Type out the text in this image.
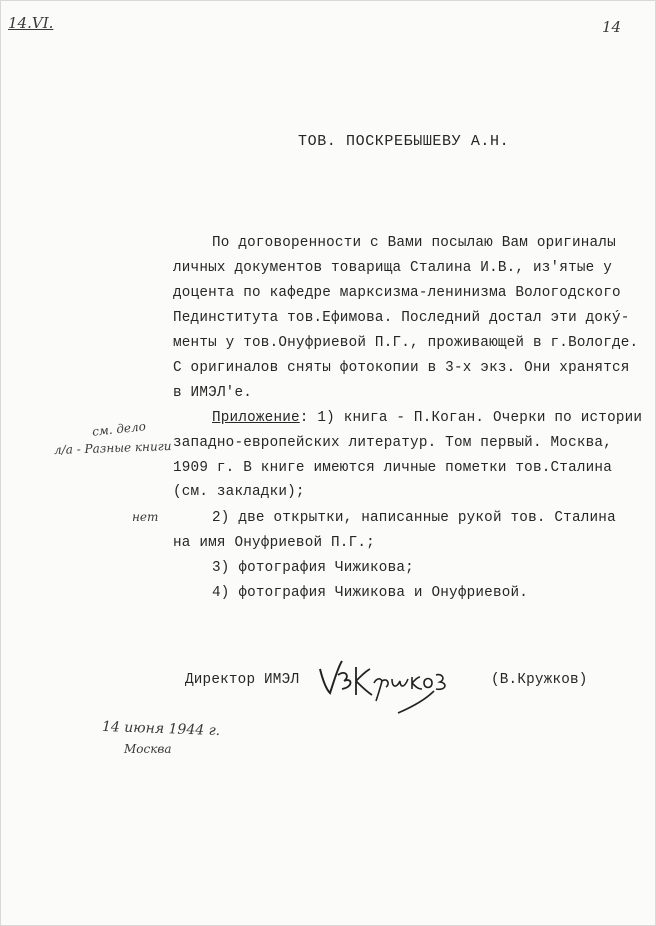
14.VI.	14
ТОВ. ПОСКРЕБЫШЕВУ А.Н.
По договоренности с Вами посылаю Вам оригиналы
личных документов товарища Сталина И.В., из'ятые у
доцента по кафедре марксизма-ленинизма Вологодского
Пединститута тов.Ефимова. Последний достал эти докý-
менты у тов.Онуфриевой П.Г., проживающей в г.Вологде.
С оригиналов сняты фотокопии в 3-х экз. Они хранятся
в ИМЭЛ'е.
см. дело
л/а - Разные книги
Приложение: 1) книга - П.Коган. Очерки по истории
западно-европейских литератур. Том первый. Москва,
1909 г. В книге имеются личные пометки тов.Сталина
(см. закладки);
нет	2) две открытки, написанные рукой тов. Сталина
на имя Онуфриевой П.Г.;
3) фотография Чижикова;
4) фотография Чижикова и Онуфриевой.
Директор ИМЭЛ	(В.Кружков)
14 июня 1944 г.
Москва
